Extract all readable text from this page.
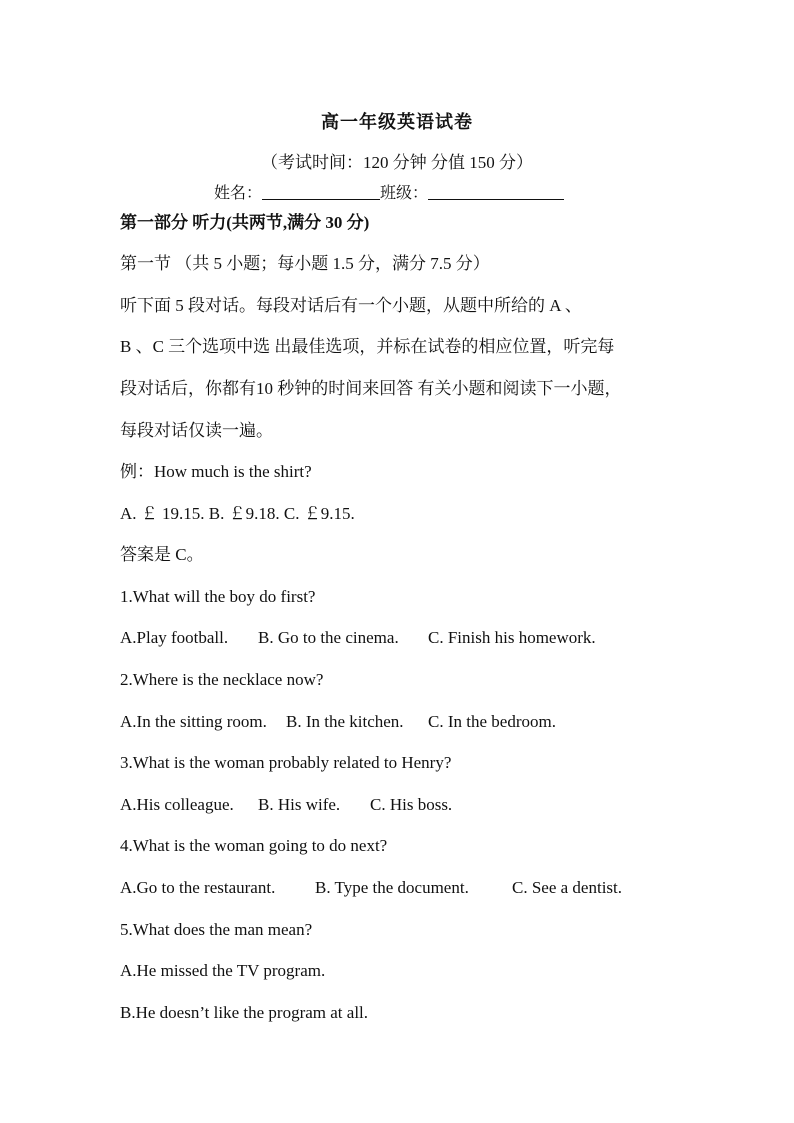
高一年级英语试卷
（考试时间：120 分钟 分值 150 分）
姓名：	班级：
第一部分 听力(共两节,满分 30 分)
第一节 （共 5 小题；每小题 1.5 分，满分 7.5 分）
听下面 5 段对话。每段对话后有一个小题，从题中所给的 A 、
B 、C 三个选项中选 出最佳选项，并标在试卷的相应位置，听完每
段对话后，你都有10 秒钟的时间来回答 有关小题和阅读下一小题，
每段对话仅读一遍。
例：How much is the shirt?
A. ￡ 19.15. B. ￡9.18. C. ￡9.15.
答案是 C。
1.What will the boy do first?
A.Play football. B. Go to the cinema. C. Finish his homework.
2.Where is the necklace now?
A.In the sitting room. B. In the kitchen. C. In the bedroom.
3.What is the woman probably related to Henry?
A.His colleague. B. His wife. C. His boss.
4.What is the woman going to do next?
A.Go to the restaurant. B. Type the document.	C. See a dentist.
5.What does the man mean?
A.He missed the TV program.
B.He doesn’t like the program at all.
